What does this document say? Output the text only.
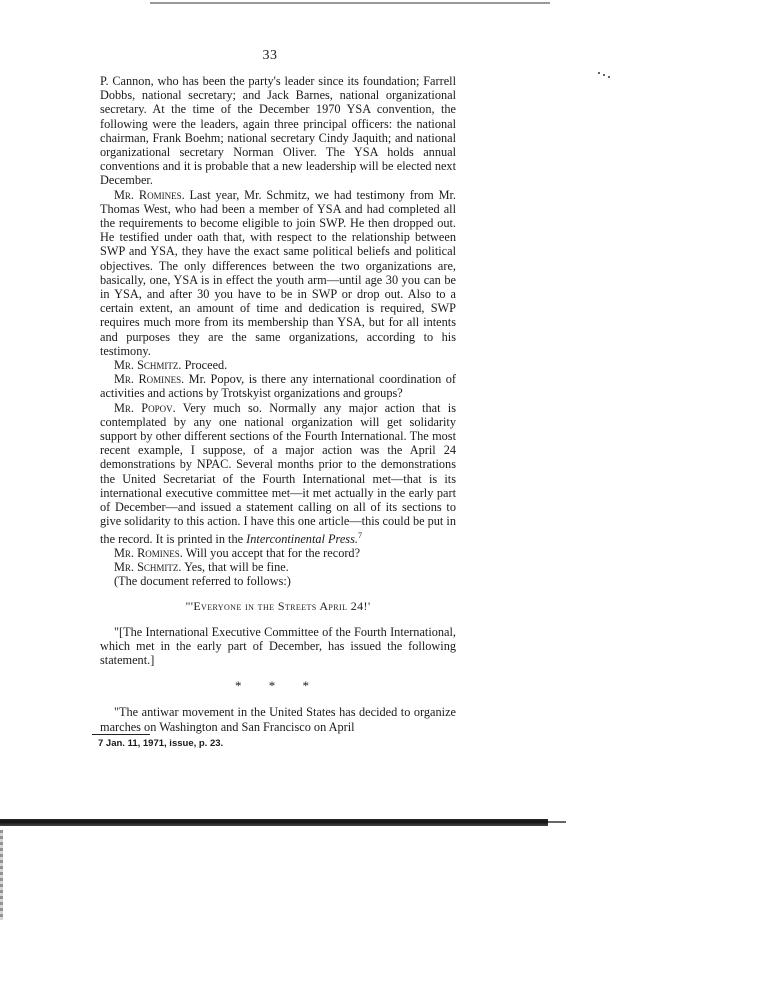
33

P. Cannon, who has been the party's leader since its foundation; Farrell Dobbs, national secretary; and Jack Barnes, national organizational secretary. At the time of the December 1970 YSA convention, the following were the leaders, again three principal officers: the national chairman, Frank Boehm; national secretary Cindy Jaquith; and national organizational secretary Norman Oliver. The YSA holds annual conventions and it is probable that a new leadership will be elected next December.

Mr. Romines. Last year, Mr. Schmitz, we had testimony from Mr. Thomas West, who had been a member of YSA and had completed all the requirements to become eligible to join SWP. He then dropped out. He testified under oath that, with respect to the relationship between SWP and YSA, they have the exact same political beliefs and political objectives. The only differences between the two organizations are, basically, one, YSA is in effect the youth arm—until age 30 you can be in YSA, and after 30 you have to be in SWP or drop out. Also to a certain extent, an amount of time and dedication is required, SWP requires much more from its membership than YSA, but for all intents and purposes they are the same organizations, according to his testimony.

Mr. Schmitz. Proceed.

Mr. Romines. Mr. Popov, is there any international coordination of activities and actions by Trotskyist organizations and groups?

Mr. Popov. Very much so. Normally any major action that is contemplated by any one national organization will get solidarity support by other different sections of the Fourth International. The most recent example, I suppose, of a major action was the April 24 demonstrations by NPAC. Several months prior to the demonstrations the United Secretariat of the Fourth International met—that is its international executive committee met—it met actually in the early part of December—and issued a statement calling on all of its sections to give solidarity to this action. I have this one article—this could be put in the record. It is printed in the Intercontinental Press.$^7$

Mr. Romines. Will you accept that for the record?

Mr. Schmitz. Yes, that will be fine.

(The document referred to follows:)

"'Everyone in the Streets April 24!'

"[The International Executive Committee of the Fourth International, which met in the early part of December, has issued the following statement.]

* * *

"The antiwar movement in the United States has decided to organize marches on Washington and San Francisco on April

7 Jan. 11, 1971, issue, p. 23.
